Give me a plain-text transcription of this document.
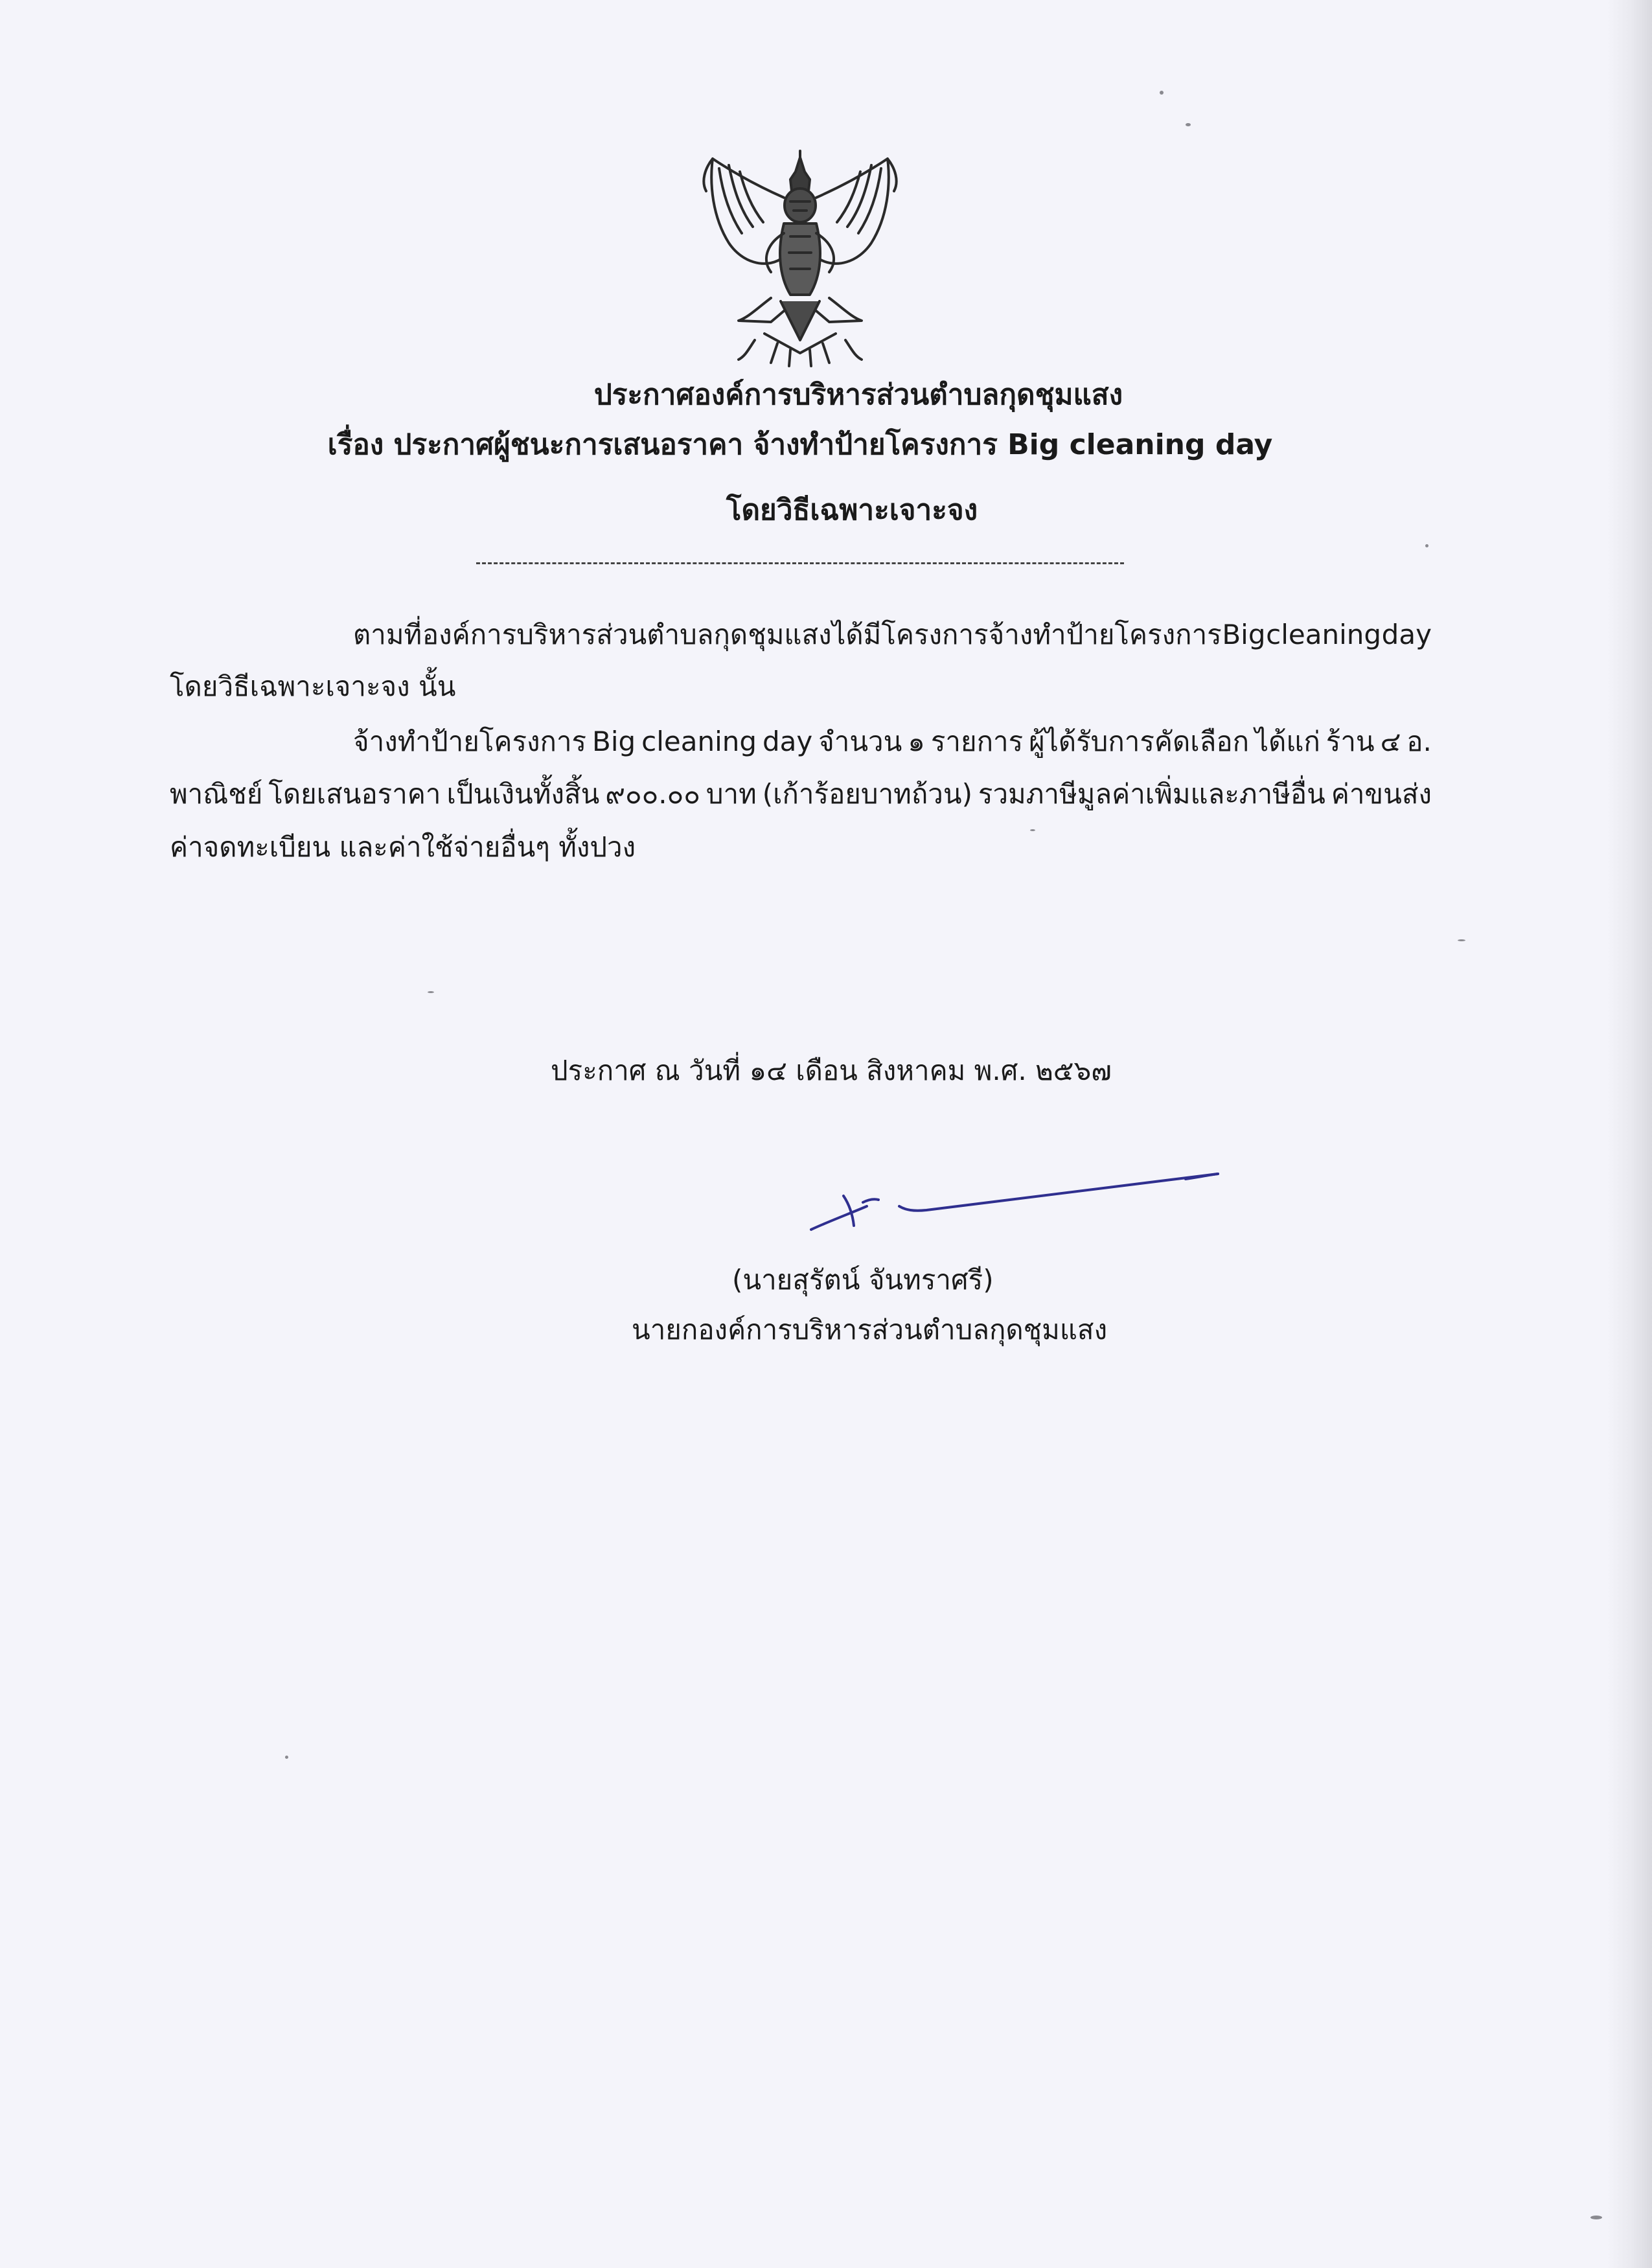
ประกาศองค์การบริหารส่วนตำบลกุดชุมแสง
เรื่อง ประกาศผู้ชนะการเสนอราคา จ้างทำป้ายโครงการ Big cleaning day
โดยวิธีเฉพาะเจาะจง
ตามที่ องค์การบริหารส่วนตำบลกุดชุมแสง ได้มีโครงการจ้างทำป้ายโครงการ Big cleaning day
โดยวิธีเฉพาะเจาะจง นั้น
จ้างทำป้ายโครงการ Big cleaning day จำนวน ๑ รายการ ผู้ได้รับการคัดเลือก ได้แก่ ร้าน ๔ อ.
พาณิชย์ โดยเสนอราคา เป็นเงินทั้งสิ้น ๙๐๐.๐๐ บาท (เก้าร้อยบาทถ้วน) รวมภาษีมูลค่าเพิ่มและภาษีอื่น ค่าขนส่ง
ค่าจดทะเบียน และค่าใช้จ่ายอื่นๆ ทั้งปวง
ประกาศ ณ วันที่ ๑๔ เดือน สิงหาคม พ.ศ. ๒๕๖๗
(นายสุรัตน์ จันทราศรี)
นายกองค์การบริหารส่วนตำบลกุดชุมแสง
